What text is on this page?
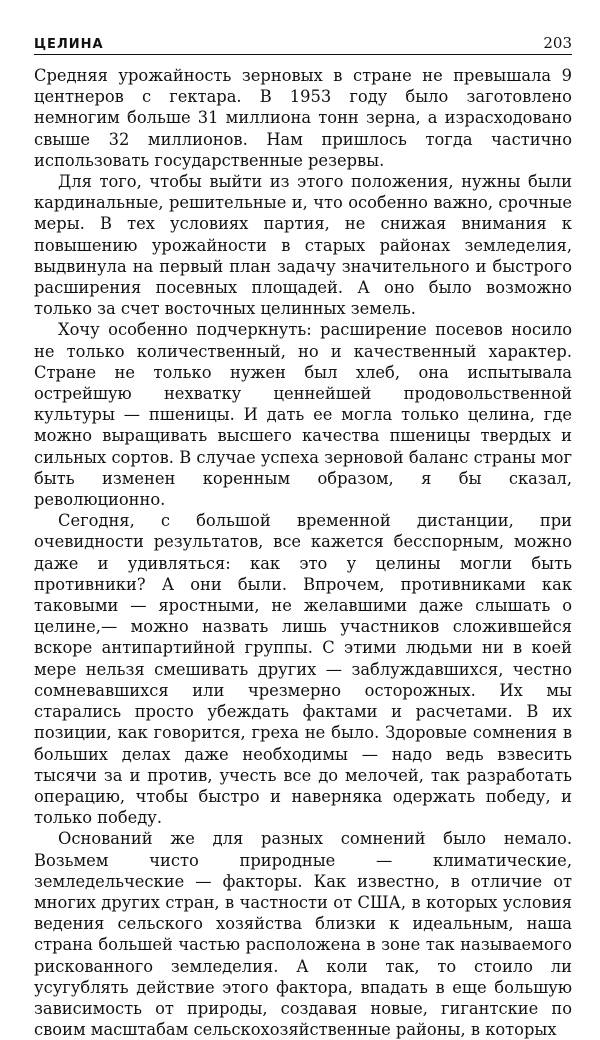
ЦЕЛИНА	203

Средняя урожайность зерновых в стране не превышала 9 центнеров с гектара. В 1953 году было заготовлено немногим больше 31 миллиона тонн зерна, а израсходовано свыше 32 миллионов. Нам пришлось тогда частично использовать государственные резервы.

Для того, чтобы выйти из этого положения, нужны были кардинальные, решительные и, что особенно важно, срочные меры. В тех условиях партия, не снижая внимания к повышению урожайности в старых районах земледелия, выдвинула на первый план задачу значительного и быстрого расширения посевных площадей. А оно было возможно только за счет восточных целинных земель.

Хочу особенно подчеркнуть: расширение посевов носило не только количественный, но и качественный характер. Стране не только нужен был хлеб, она испытывала острейшую нехватку ценнейшей продовольственной культуры — пшеницы. И дать ее могла только целина, где можно выращивать высшего качества пшеницы твердых и сильных сортов. В случае успеха зерновой баланс страны мог быть изменен коренным образом, я бы сказал, революционно.

Сегодня, с большой временной дистанции, при очевидности результатов, все кажется бесспорным, можно даже и удивляться: как это у целины могли быть противники? А они были. Впрочем, противниками как таковыми — яростными, не желавшими даже слышать о целине,— можно назвать лишь участников сложившейся вскоре антипартийной группы. С этими людьми ни в коей мере нельзя смешивать других — заблуждавшихся, честно сомневавшихся или чрезмерно осторожных. Их мы старались просто убеждать фактами и расчетами. В их позиции, как говорится, греха не было. Здоровые сомнения в больших делах даже необходимы — надо ведь взвесить тысячи за и против, учесть все до мелочей, так разработать операцию, чтобы быстро и наверняка одержать победу, и только победу.

Оснований же для разных сомнений было немало. Возьмем чисто природные — климатические, земледельческие — факторы. Как известно, в отличие от многих других стран, в частности от США, в которых условия ведения сельского хозяйства близки к идеальным, наша страна большей частью расположена в зоне так называемого рискованного земледелия. А коли так, то стоило ли усугублять действие этого фактора, впадать в еще большую зависимость от природы, создавая новые, гигантские по своим масштабам сельскохозяйственные районы, в которых
